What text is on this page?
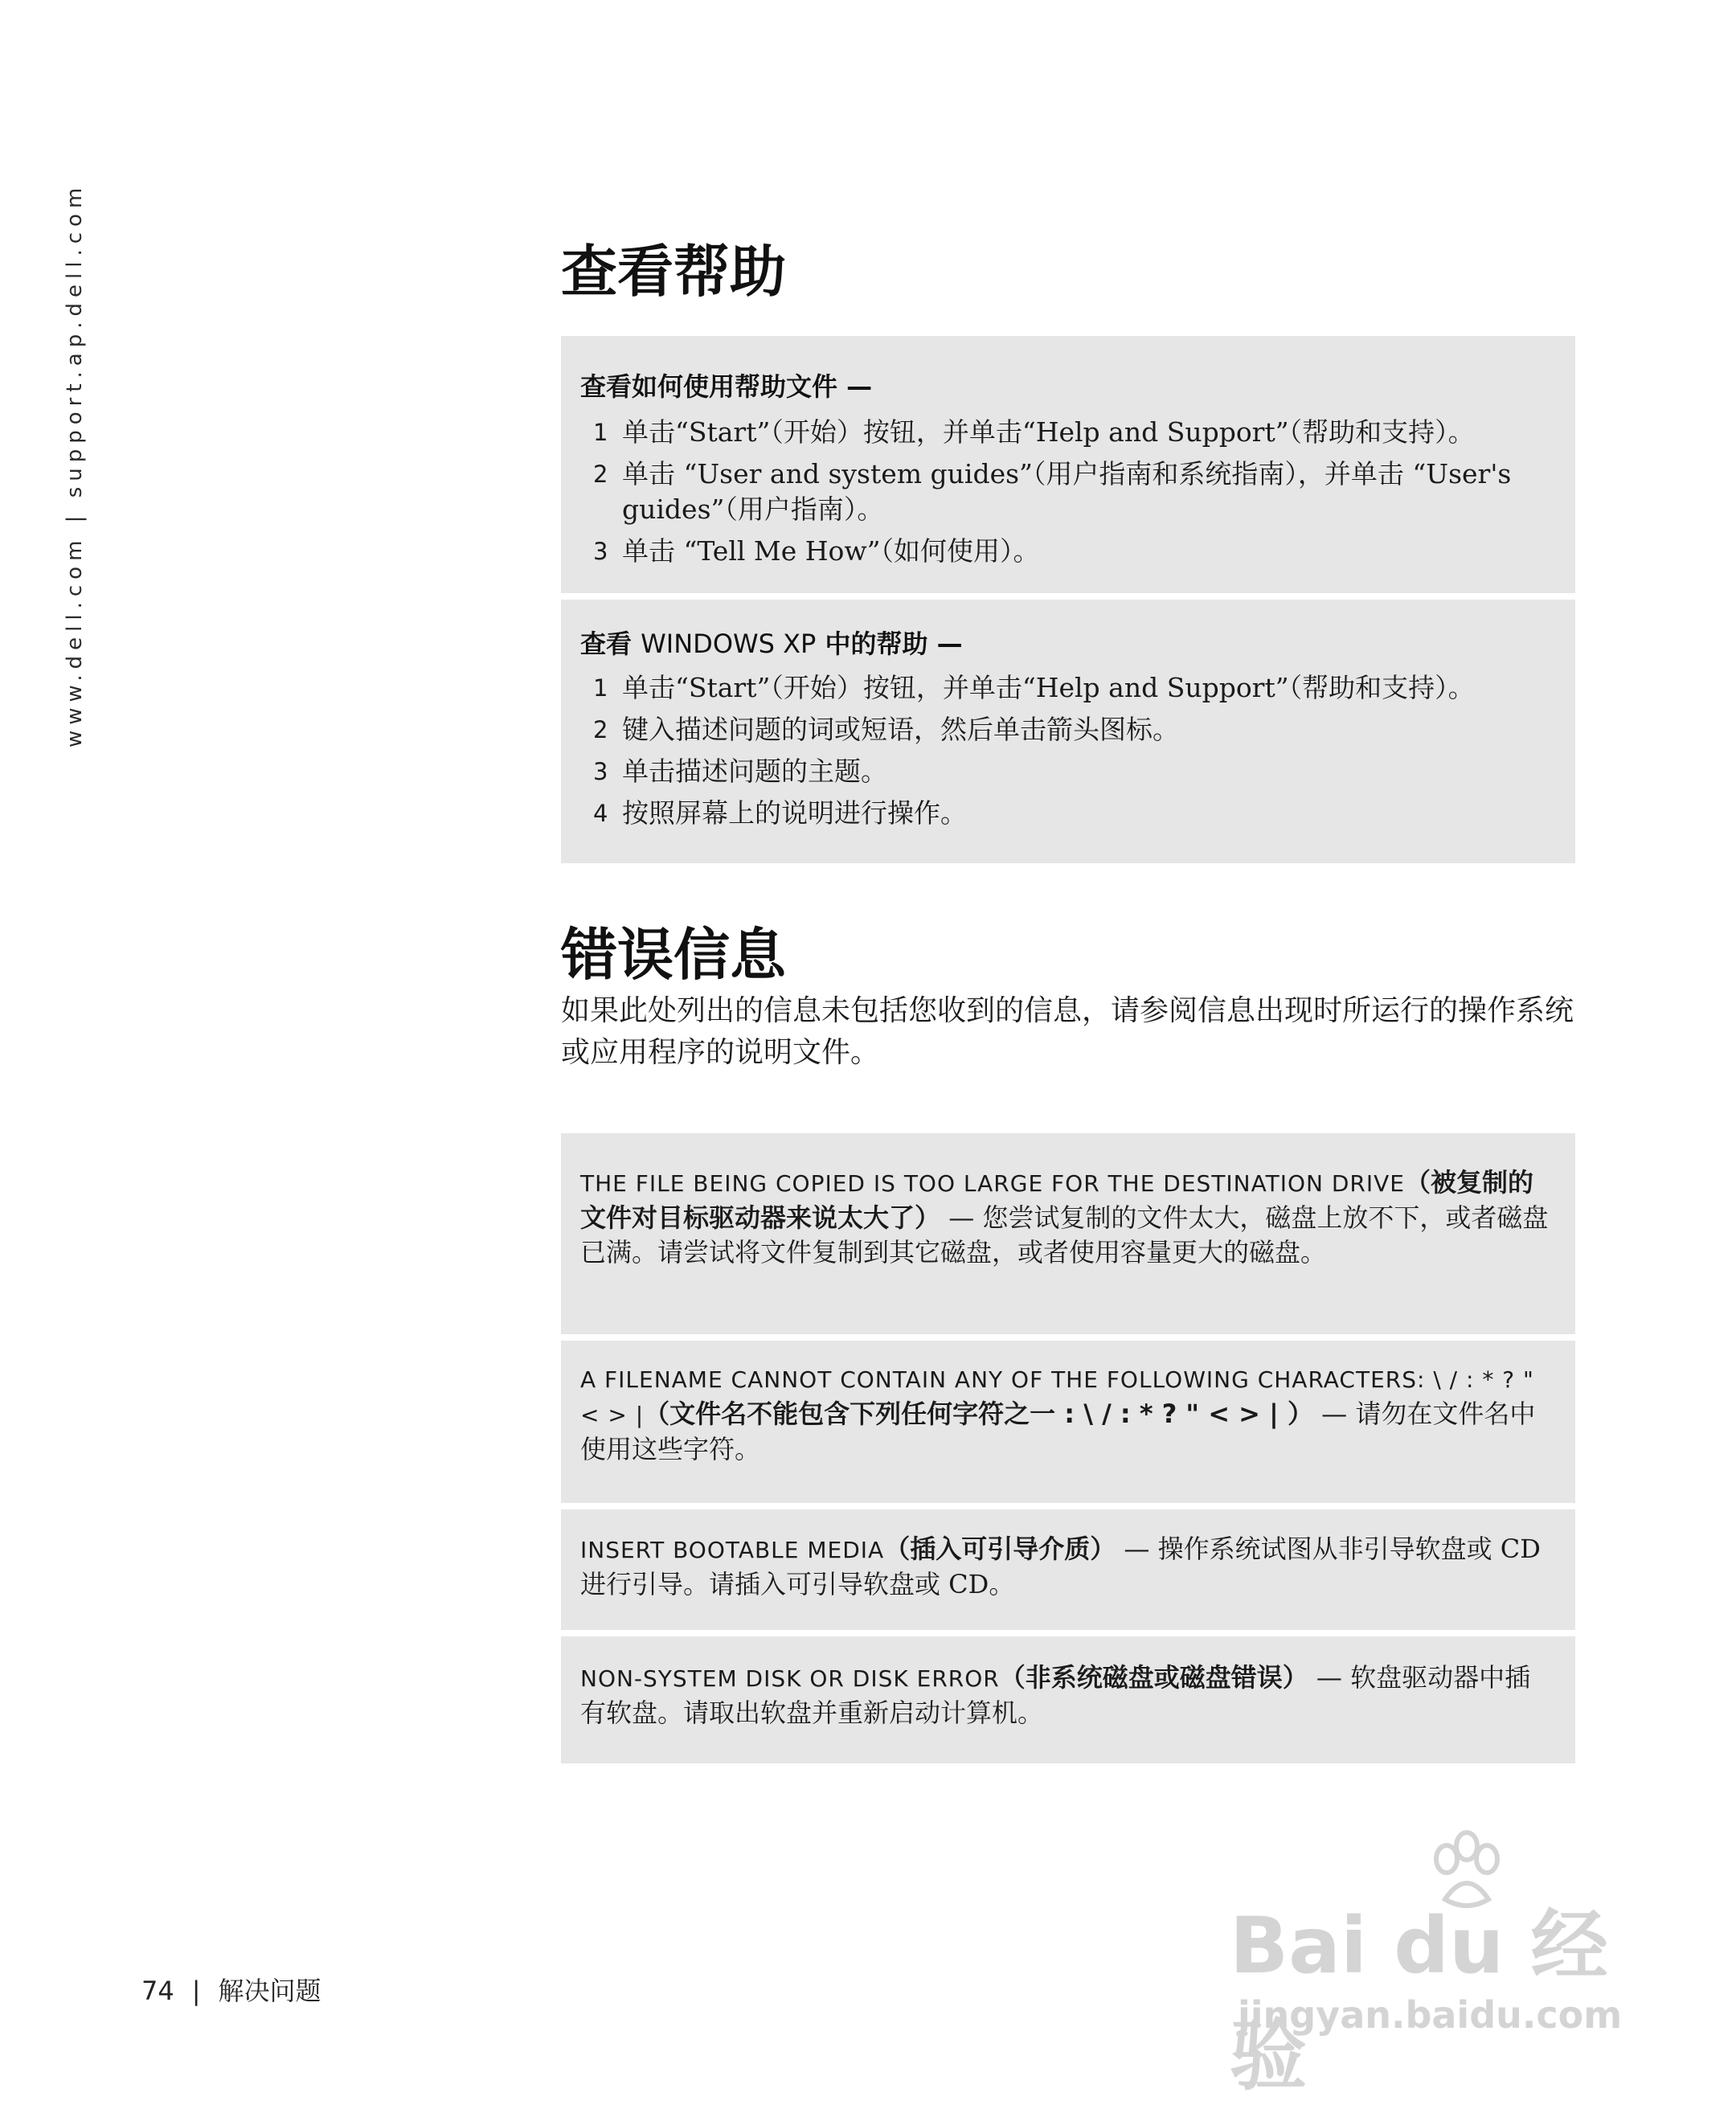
www.dell.com | support.ap.dell.com	查看帮助

查看如何使用帮助文件 —

1 单击“Start”（开始）按钮，并单击“Help and Support”（帮助和支持）。
2 单击 “User and system guides”（用户指南和系统指南），并单击 “User's guides”（用户指南）。
3 单击 “Tell Me How”（如何使用）。

查看 WINDOWS XP 中的帮助 —

1 单击“Start”（开始）按钮，并单击“Help and Support”（帮助和支持）。
2 键入描述问题的词或短语，然后单击箭头图标。
3 单击描述问题的主题。
4 按照屏幕上的说明进行操作。
错误信息

如果此处列出的信息未包括您收到的信息，请参阅信息出现时所运行的操作系统或应用程序的说明文件。

THE FILE BEING COPIED IS TOO LARGE FOR THE DESTINATION DRIVE（被复制的文件对目标驱动器来说太大了） — 您尝试复制的文件太大，磁盘上放不下，或者磁盘已满。请尝试将文件复制到其它磁盘，或者使用容量更大的磁盘。
A FILENAME CANNOT CONTAIN ANY OF THE FOLLOWING CHARACTERS: \ / : * ? " < > |（文件名不能包含下列任何字符之一 : \ / : * ? " < > | ） — 请勿在文件名中使用这些字符。
INSERT BOOTABLE MEDIA（插入可引导介质） — 操作系统试图从非引导软盘或 CD 进行引导。请插入可引导软盘或 CD。
NON-SYSTEM DISK OR DISK ERROR（非系统磁盘或磁盘错误） — 软盘驱动器中插有软盘。请取出软盘并重新启动计算机。
74 | 解决问题	Bai du 经验
jingyan.baidu.com
